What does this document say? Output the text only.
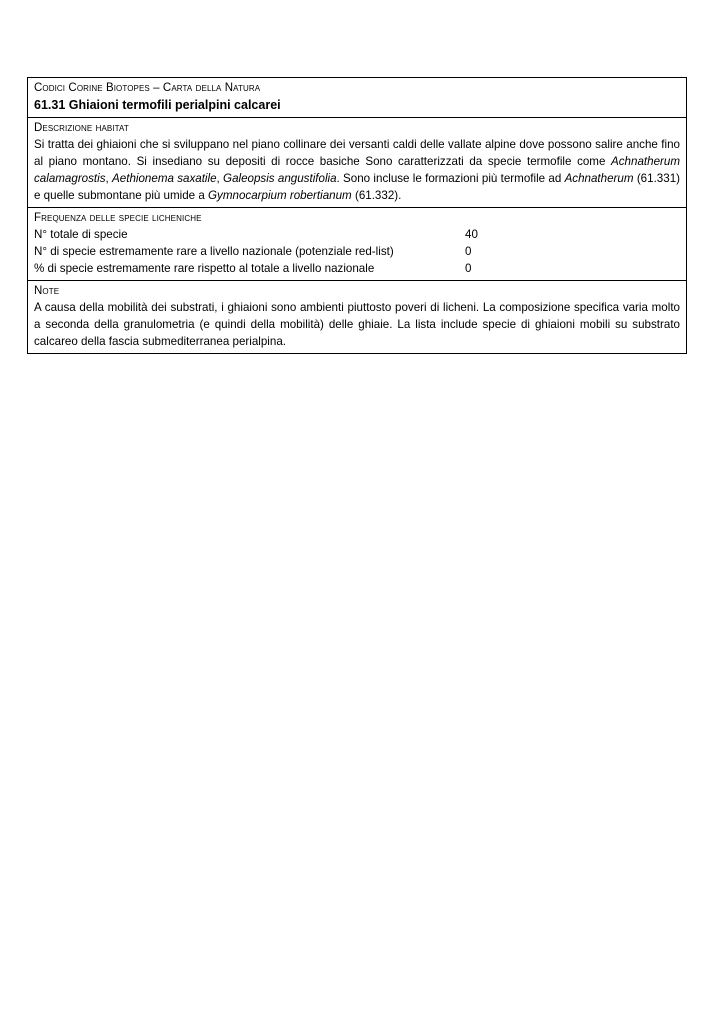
Codici Corine Biotopes – Carta della Natura
61.31 Ghiaioni termofili perialpini calcarei
Descrizione habitat
Si tratta dei ghiaioni che si sviluppano nel piano collinare dei versanti caldi delle vallate alpine dove possono salire anche fino al piano montano. Si insediano su depositi di rocce basiche Sono caratterizzati da specie termofile come Achnatherum calamagrostis, Aethionema saxatile, Galeopsis angustifolia. Sono incluse le formazioni più termofile ad Achnatherum (61.331) e quelle submontane più umide a Gymnocarpium robertianum (61.332).
Frequenza delle specie licheniche
N° totale di specie	40
N° di specie estremamente rare a livello nazionale (potenziale red-list)	0
% di specie estremamente rare rispetto al totale a livello nazionale	0
Note
A causa della mobilità dei substrati, i ghiaioni sono ambienti piuttosto poveri di licheni. La composizione specifica varia molto a seconda della granulometria (e quindi della mobilità) delle ghiaie. La lista include specie di ghiaioni mobili su substrato calcareo della fascia submediterranea perialpina.
